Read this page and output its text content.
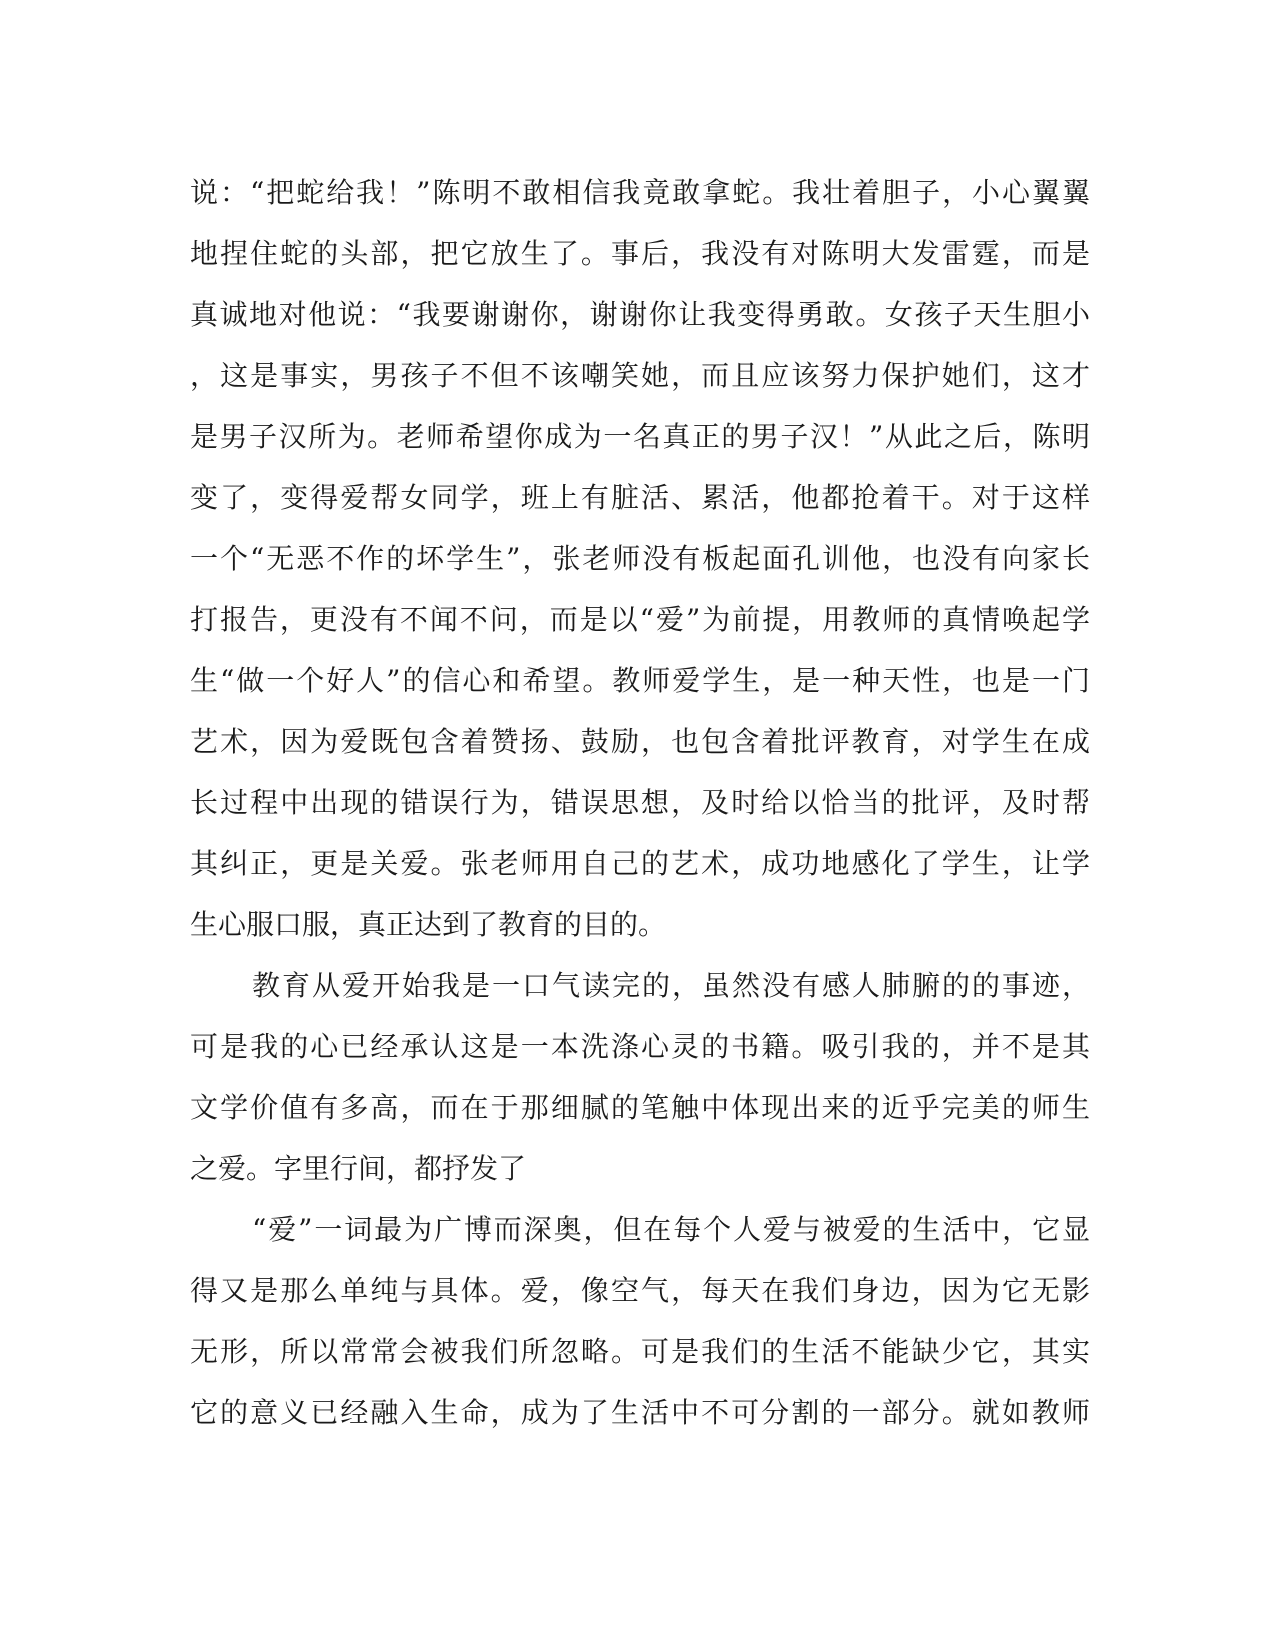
说：“把蛇给我！”陈明不敢相信我竟敢拿蛇。我壮着胆子，小心翼翼
地捏住蛇的头部，把它放生了。事后，我没有对陈明大发雷霆，而是
真诚地对他说：“我要谢谢你，谢谢你让我变得勇敢。女孩子天生胆小
，这是事实，男孩子不但不该嘲笑她，而且应该努力保护她们，这才
是男子汉所为。老师希望你成为一名真正的男子汉！”从此之后，陈明
变了，变得爱帮女同学，班上有脏活、累活，他都抢着干。对于这样
一个“无恶不作的坏学生”，张老师没有板起面孔训他，也没有向家长
打报告，更没有不闻不问，而是以“爱”为前提，用教师的真情唤起学
生“做一个好人”的信心和希望。教师爱学生，是一种天性，也是一门
艺术，因为爱既包含着赞扬、鼓励，也包含着批评教育，对学生在成
长过程中出现的错误行为，错误思想，及时给以恰当的批评，及时帮
其纠正，更是关爱。张老师用自己的艺术，成功地感化了学生，让学
生心服口服，真正达到了教育的目的。
教育从爱开始我是一口气读完的，虽然没有感人肺腑的的事迹，
可是我的心已经承认这是一本洗涤心灵的书籍。吸引我的，并不是其
文学价值有多高，而在于那细腻的笔触中体现出来的近乎完美的师生
之爱。字里行间，都抒发了
“爱”一词最为广博而深奥，但在每个人爱与被爱的生活中，它显
得又是那么单纯与具体。爱，像空气，每天在我们身边，因为它无影
无形，所以常常会被我们所忽略。可是我们的生活不能缺少它，其实
它的意义已经融入生命，成为了生活中不可分割的一部分。就如教师
